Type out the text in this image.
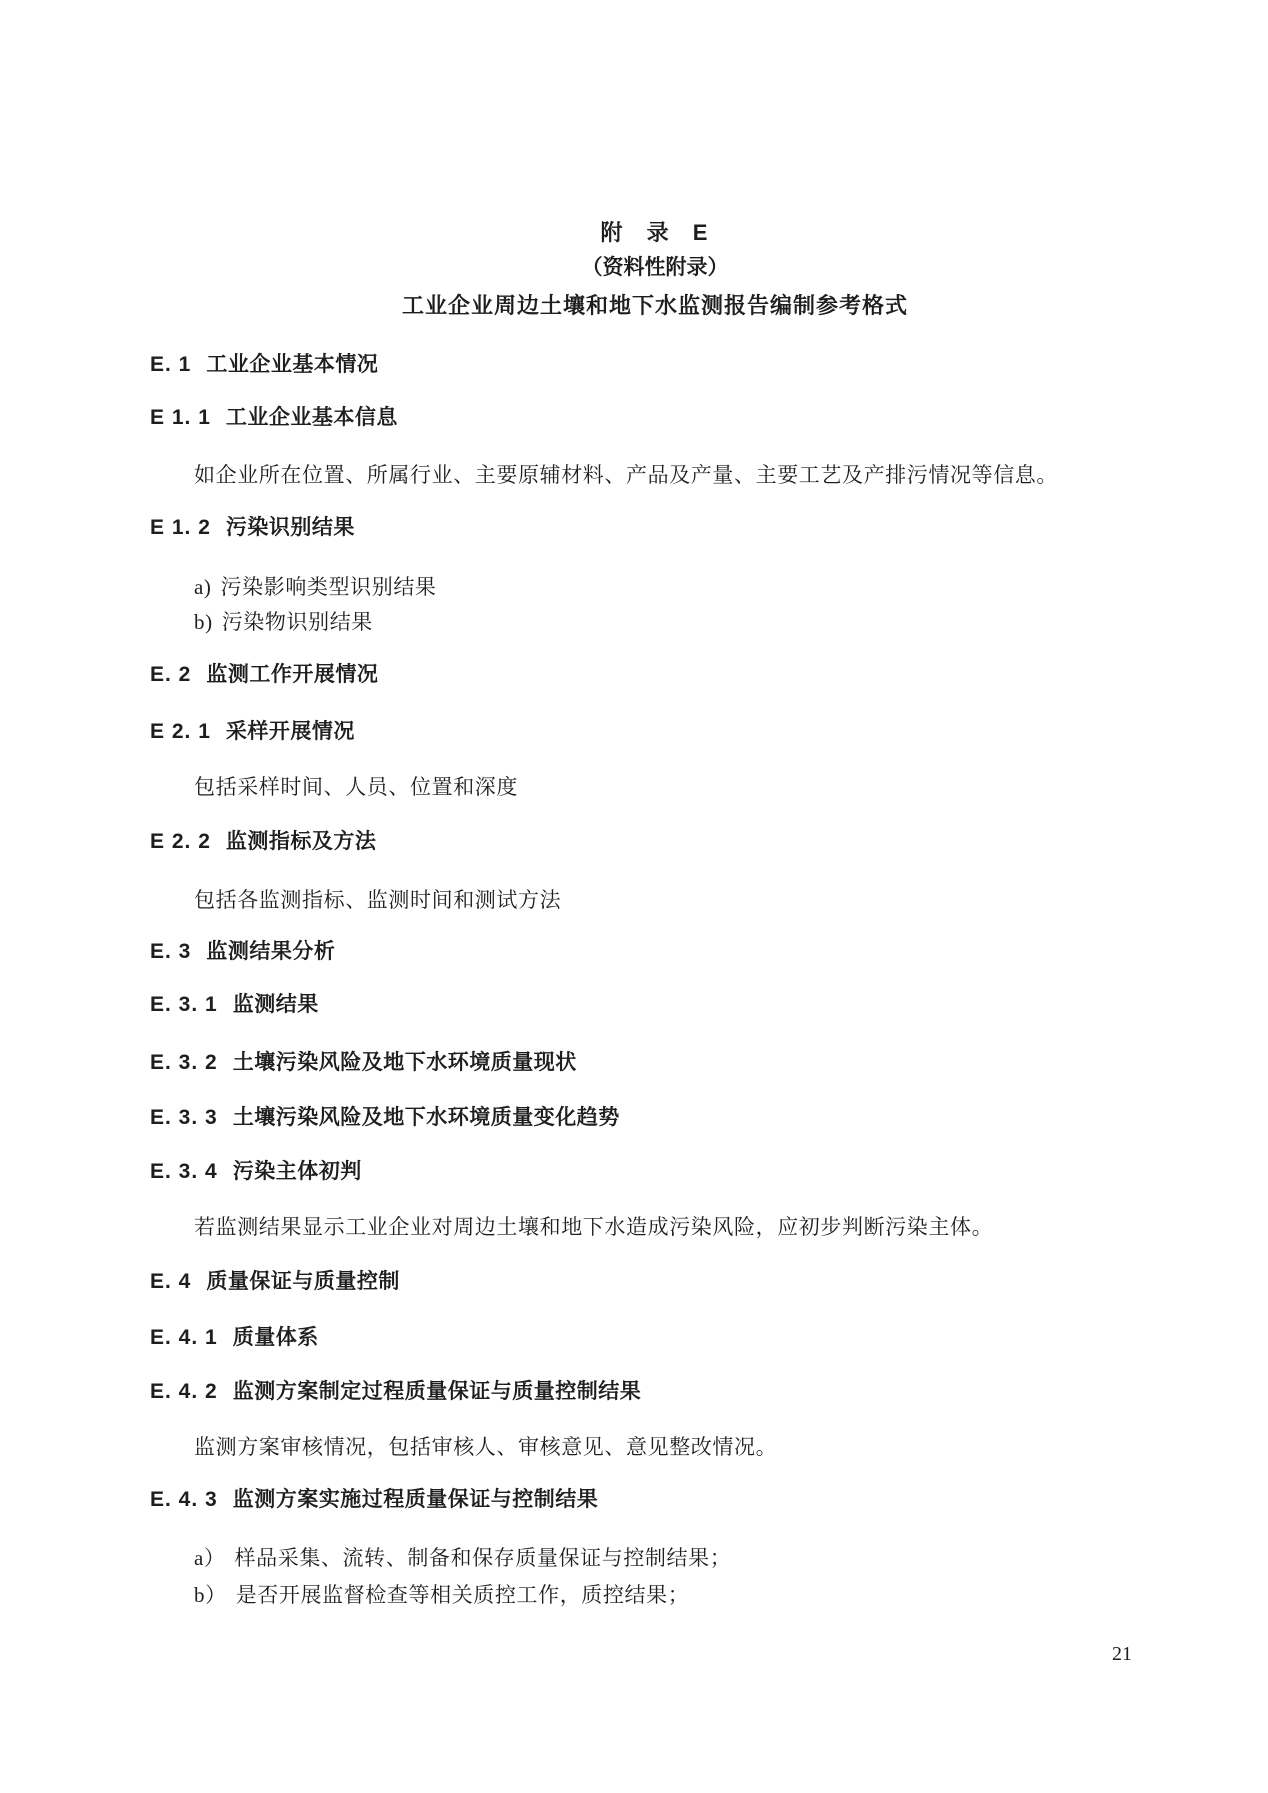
附 录 E
（资料性附录）
工业企业周边土壤和地下水监测报告编制参考格式
E. 1 工业企业基本情况
E 1. 1 工业企业基本信息
如企业所在位置、所属行业、主要原辅材料、产品及产量、主要工艺及产排污情况等信息。
E 1. 2 污染识别结果
a) 污染影响类型识别结果
b) 污染物识别结果
E. 2 监测工作开展情况
E 2. 1 采样开展情况
包括采样时间、人员、位置和深度
E 2. 2 监测指标及方法
包括各监测指标、监测时间和测试方法
E. 3 监测结果分析
E. 3. 1 监测结果
E. 3. 2 土壤污染风险及地下水环境质量现状
E. 3. 3 土壤污染风险及地下水环境质量变化趋势
E. 3. 4 污染主体初判
若监测结果显示工业企业对周边土壤和地下水造成污染风险，应初步判断污染主体。
E. 4 质量保证与质量控制
E. 4. 1 质量体系
E. 4. 2 监测方案制定过程质量保证与质量控制结果
监测方案审核情况，包括审核人、审核意见、意见整改情况。
E. 4. 3 监测方案实施过程质量保证与控制结果
a） 样品采集、流转、制备和保存质量保证与控制结果；
b） 是否开展监督检查等相关质控工作，质控结果；
21
